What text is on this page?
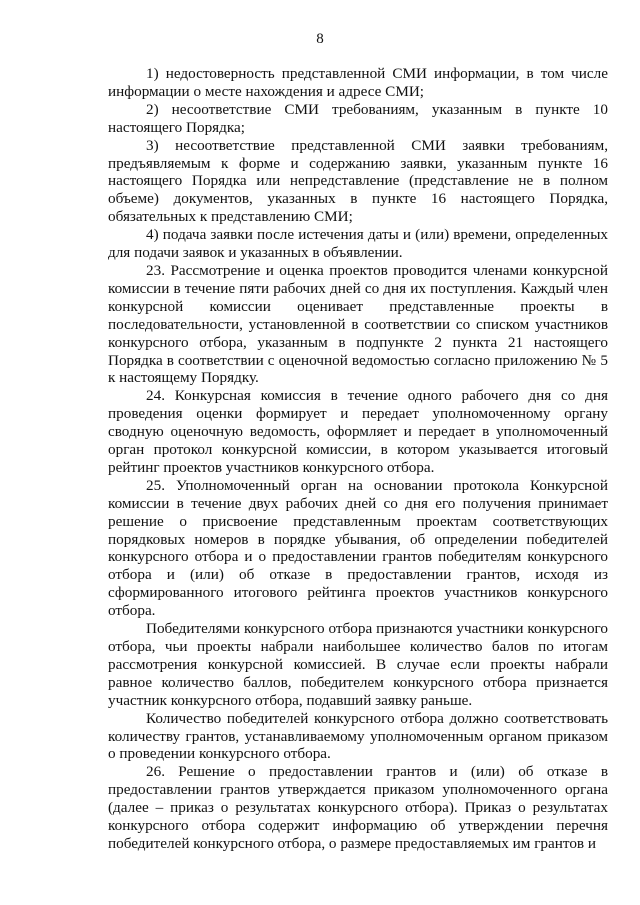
8

1) недостоверность представленной СМИ информации, в том числе информации о месте нахождения и адресе СМИ;

2) несоответствие СМИ требованиям, указанным в пункте 10 настоящего Порядка;

3) несоответствие представленной СМИ заявки требованиям, предъявляемым к форме и содержанию заявки, указанным пункте 16 настоящего Порядка или непредставление (представление не в полном объеме) документов, указанных в пункте 16 настоящего Порядка, обязательных к представлению СМИ;

4) подача заявки после истечения даты и (или) времени, определенных для подачи заявок и указанных в объявлении.

23. Рассмотрение и оценка проектов проводится членами конкурсной комиссии в течение пяти рабочих дней со дня их поступления. Каждый член конкурсной комиссии оценивает представленные проекты в последовательности, установленной в соответствии со списком участников конкурсного отбора, указанным в подпункте 2 пункта 21 настоящего Порядка в соответствии с оценочной ведомостью согласно приложению № 5 к настоящему Порядку.

24. Конкурсная комиссия в течение одного рабочего дня со дня проведения оценки формирует и передает уполномоченному органу сводную оценочную ведомость, оформляет и передает в уполномоченный орган протокол конкурсной комиссии, в котором указывается итоговый рейтинг проектов участников конкурсного отбора.

25. Уполномоченный орган на основании протокола Конкурсной комиссии в течение двух рабочих дней со дня его получения принимает решение о присвоение представленным проектам соответствующих порядковых номеров в порядке убывания, об определении победителей конкурсного отбора и о предоставлении грантов победителям конкурсного отбора и (или) об отказе в предоставлении грантов, исходя из сформированного итогового рейтинга проектов участников конкурсного отбора.

Победителями конкурсного отбора признаются участники конкурсного отбора, чьи проекты набрали наибольшее количество балов по итогам рассмотрения конкурсной комиссией. В случае если проекты набрали равное количество баллов, победителем конкурсного отбора признается участник конкурсного отбора, подавший заявку раньше.

Количество победителей конкурсного отбора должно соответствовать количеству грантов, устанавливаемому уполномоченным органом приказом о проведении конкурсного отбора.

26. Решение о предоставлении грантов и (или) об отказе в предоставлении грантов утверждается приказом уполномоченного органа (далее – приказ о результатах конкурсного отбора). Приказ о результатах конкурсного отбора содержит информацию об утверждении перечня победителей конкурсного отбора, о размере предоставляемых им грантов и
